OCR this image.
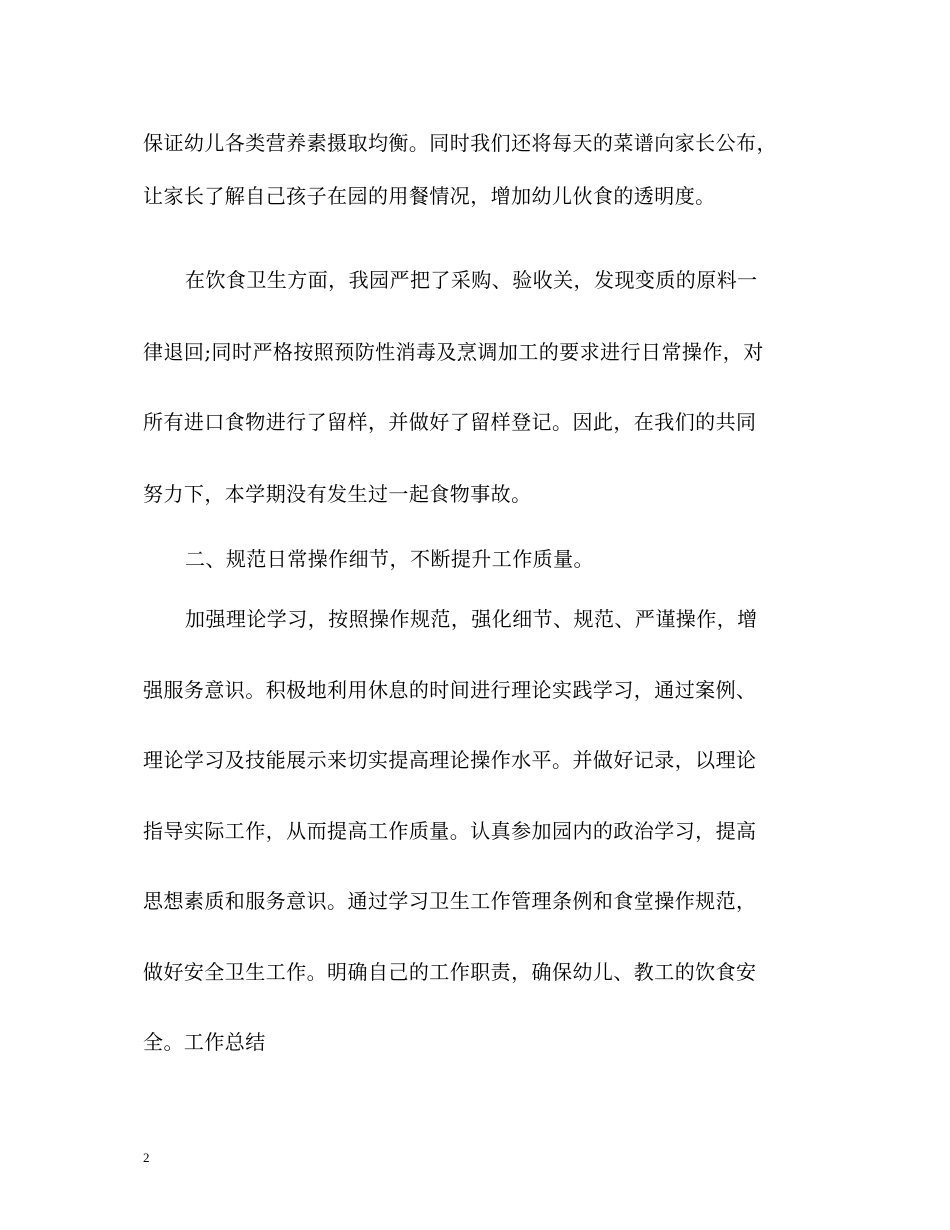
保证幼儿各类营养素摄取均衡。同时我们还将每天的菜谱向家长公布，
让家长了解自己孩子在园的用餐情况，增加幼儿伙食的透明度。
在饮食卫生方面，我园严把了采购、验收关，发现变质的原料一
律退回;同时严格按照预防性消毒及烹调加工的要求进行日常操作，对
所有进口食物进行了留样，并做好了留样登记。因此，在我们的共同
努力下，本学期没有发生过一起食物事故。
二、规范日常操作细节，不断提升工作质量。
加强理论学习，按照操作规范，强化细节、规范、严谨操作，增
强服务意识。积极地利用休息的时间进行理论实践学习，通过案例、
理论学习及技能展示来切实提高理论操作水平。并做好记录，以理论
指导实际工作，从而提高工作质量。认真参加园内的政治学习，提高
思想素质和服务意识。通过学习卫生工作管理条例和食堂操作规范，
做好安全卫生工作。明确自己的工作职责，确保幼儿、教工的饮食安
全。工作总结
2
